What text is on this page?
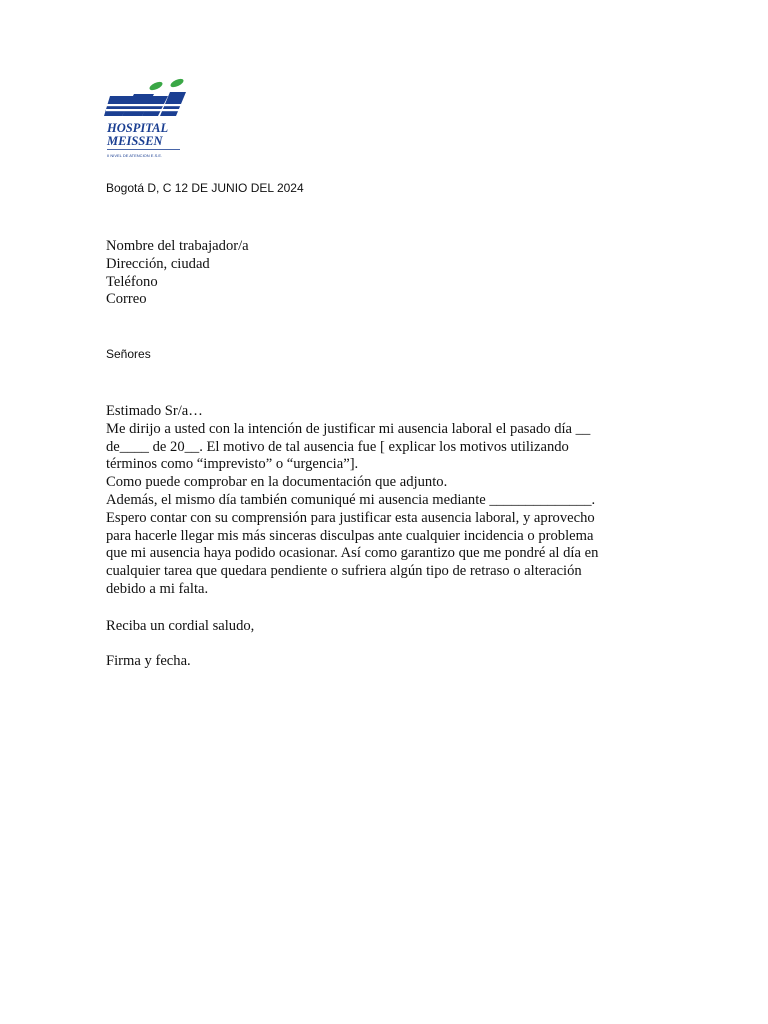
HOSPITAL
MEISSEN
II NIVEL DE ATENCION E.S.E.
Bogotá D, C 12 DE JUNIO DEL 2024
Nombre del trabajador/a
Dirección, ciudad
Teléfono
Correo
Señores
Estimado Sr/a…
Me dirijo a usted con la intención de justificar mi ausencia laboral el pasado día __
de____ de 20__. El motivo de tal ausencia fue [ explicar los motivos utilizando
términos como “imprevisto” o “urgencia”].
Como puede comprobar en la documentación que adjunto.
Además, el mismo día también comuniqué mi ausencia mediante ______________.
Espero contar con su comprensión para justificar esta ausencia laboral, y aprovecho
para hacerle llegar mis más sinceras disculpas ante cualquier incidencia o problema
que mi ausencia haya podido ocasionar. Así como garantizo que me pondré al día en
cualquier tarea que quedara pendiente o sufriera algún tipo de retraso o alteración
debido a mi falta.
Reciba un cordial saludo,
Firma y fecha.
